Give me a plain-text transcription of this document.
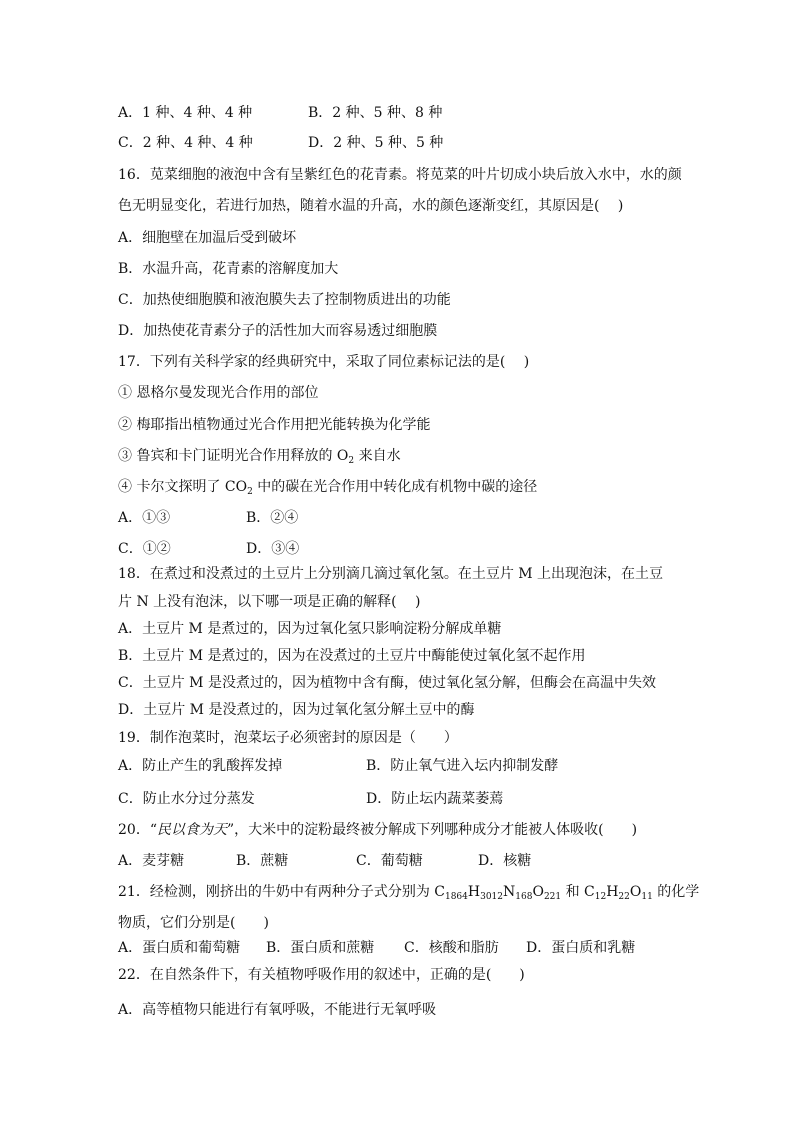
A．1 种、4 种、4 种	B．2 种、5 种、8 种
C．2 种、4 种、4 种	D．2 种、5 种、5 种
16．苋菜细胞的液泡中含有呈紫红色的花青素。将苋菜的叶片切成小块后放入水中，水的颜
色无明显变化，若进行加热，随着水温的升高，水的颜色逐渐变红，其原因是(　 )
A．细胞壁在加温后受到破坏
B．水温升高，花青素的溶解度加大
C．加热使细胞膜和液泡膜失去了控制物质进出的功能
D．加热使花青素分子的活性加大而容易透过细胞膜
17．下列有关科学家的经典研究中，采取了同位素标记法的是(　 )
① 恩格尔曼发现光合作用的部位
② 梅耶指出植物通过光合作用把光能转换为化学能
③ 鲁宾和卡门证明光合作用释放的 $O_2$ 来自水
④ 卡尔文探明了 $CO_2$ 中的碳在光合作用中转化成有机物中碳的途径
A．①③	B．②④
C．①②	D．③④
18．在煮过和没煮过的土豆片上分别滴几滴过氧化氢。在土豆片 M 上出现泡沫，在土豆
片 N 上没有泡沫，以下哪一项是正确的解释(　 )
A．土豆片 M 是煮过的，因为过氧化氢只影响淀粉分解成单糖
B．土豆片 M 是煮过的，因为在没煮过的土豆片中酶能使过氧化氢不起作用
C．土豆片 M 是没煮过的，因为植物中含有酶，使过氧化氢分解，但酶会在高温中失效
D．土豆片 M 是没煮过的，因为过氧化氢分解土豆中的酶
19．制作泡菜时，泡菜坛子必须密封的原因是（　　）
A．防止产生的乳酸挥发掉	B．防止氧气进入坛内抑制发酵
C．防止水分过分蒸发	D．防止坛内蔬菜萎蔫
20．“民以食为天”，大米中的淀粉最终被分解成下列哪种成分才能被人体吸收(　　)
A．麦芽糖	B．蔗糖	C．葡萄糖	D．核糖
21．经检测，刚挤出的牛奶中有两种分子式分别为 $C_{1864}H_{3012}N_{168}O_{221}$ 和 $C_{12}H_{22}O_{11}$ 的化学
物质，它们分别是(　　)
A．蛋白质和葡萄糖 B．蛋白质和蔗糖 C．核酸和脂肪 D．蛋白质和乳糖
22．在自然条件下，有关植物呼吸作用的叙述中，正确的是(　　)
A．高等植物只能进行有氧呼吸，不能进行无氧呼吸
